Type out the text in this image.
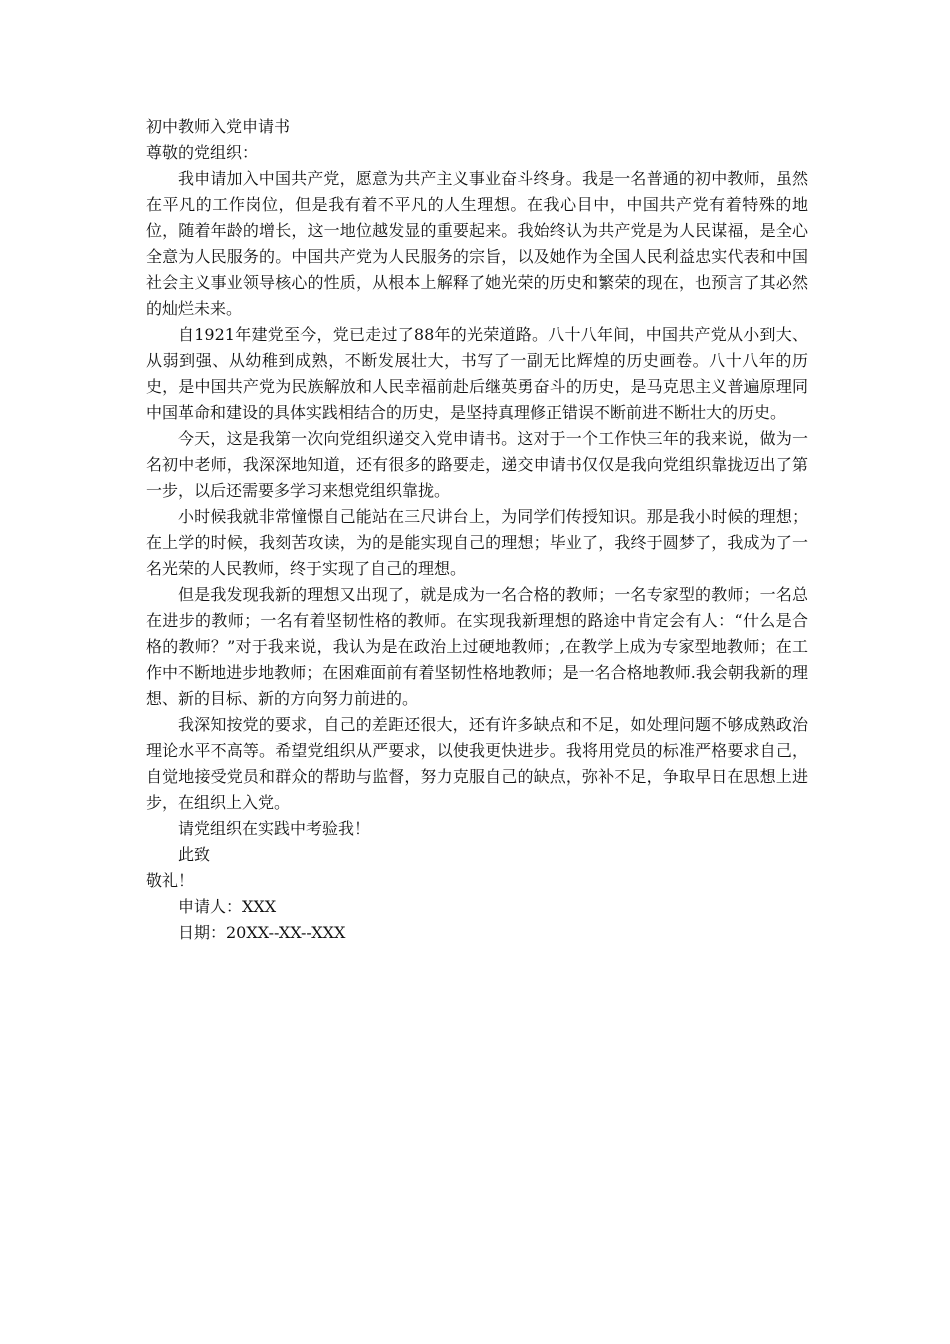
初中教师入党申请书

尊敬的党组织：

我申请加入中国共产党，愿意为共产主义事业奋斗终身。我是一名普通的初中教师，虽然在平凡的工作岗位，但是我有着不平凡的人生理想。在我心目中，中国共产党有着特殊的地位，随着年龄的增长，这一地位越发显的重要起来。我始终认为共产党是为人民谋福，是全心全意为人民服务的。中国共产党为人民服务的宗旨，以及她作为全国人民利益忠实代表和中国社会主义事业领导核心的性质，从根本上解释了她光荣的历史和繁荣的现在，也预言了其必然的灿烂未来。

自1921年建党至今，党已走过了88年的光荣道路。八十八年间，中国共产党从小到大、从弱到强、从幼稚到成熟，不断发展壮大，书写了一副无比辉煌的历史画卷。八十八年的历史，是中国共产党为民族解放和人民幸福前赴后继英勇奋斗的历史，是马克思主义普遍原理同中国革命和建设的具体实践相结合的历史，是坚持真理修正错误不断前进不断壮大的历史。

今天，这是我第一次向党组织递交入党申请书。这对于一个工作快三年的我来说，做为一名初中老师，我深深地知道，还有很多的路要走，递交申请书仅仅是我向党组织靠拢迈出了第一步，以后还需要多学习来想党组织靠拢。

小时候我就非常憧憬自己能站在三尺讲台上，为同学们传授知识。那是我小时候的理想；在上学的时候，我刻苦攻读，为的是能实现自己的理想；毕业了，我终于圆梦了，我成为了一名光荣的人民教师，终于实现了自己的理想。

但是我发现我新的理想又出现了，就是成为一名合格的教师；一名专家型的教师；一名总在进步的教师；一名有着坚韧性格的教师。在实现我新理想的路途中肯定会有人：“什么是合格的教师？”对于我来说，我认为是在政治上过硬地教师；,在教学上成为专家型地教师；在工作中不断地进步地教师；在困难面前有着坚韧性格地教师；是一名合格地教师.我会朝我新的理想、新的目标、新的方向努力前进的。

我深知按党的要求，自己的差距还很大，还有许多缺点和不足，如处理问题不够成熟政治理论水平不高等。希望党组织从严要求，以使我更快进步。我将用党员的标准严格要求自己，自觉地接受党员和群众的帮助与监督，努力克服自己的缺点，弥补不足，争取早日在思想上进步，在组织上入党。

请党组织在实践中考验我！

此致

敬礼！

申请人：XXX

日期：20XX--XX--XXX
